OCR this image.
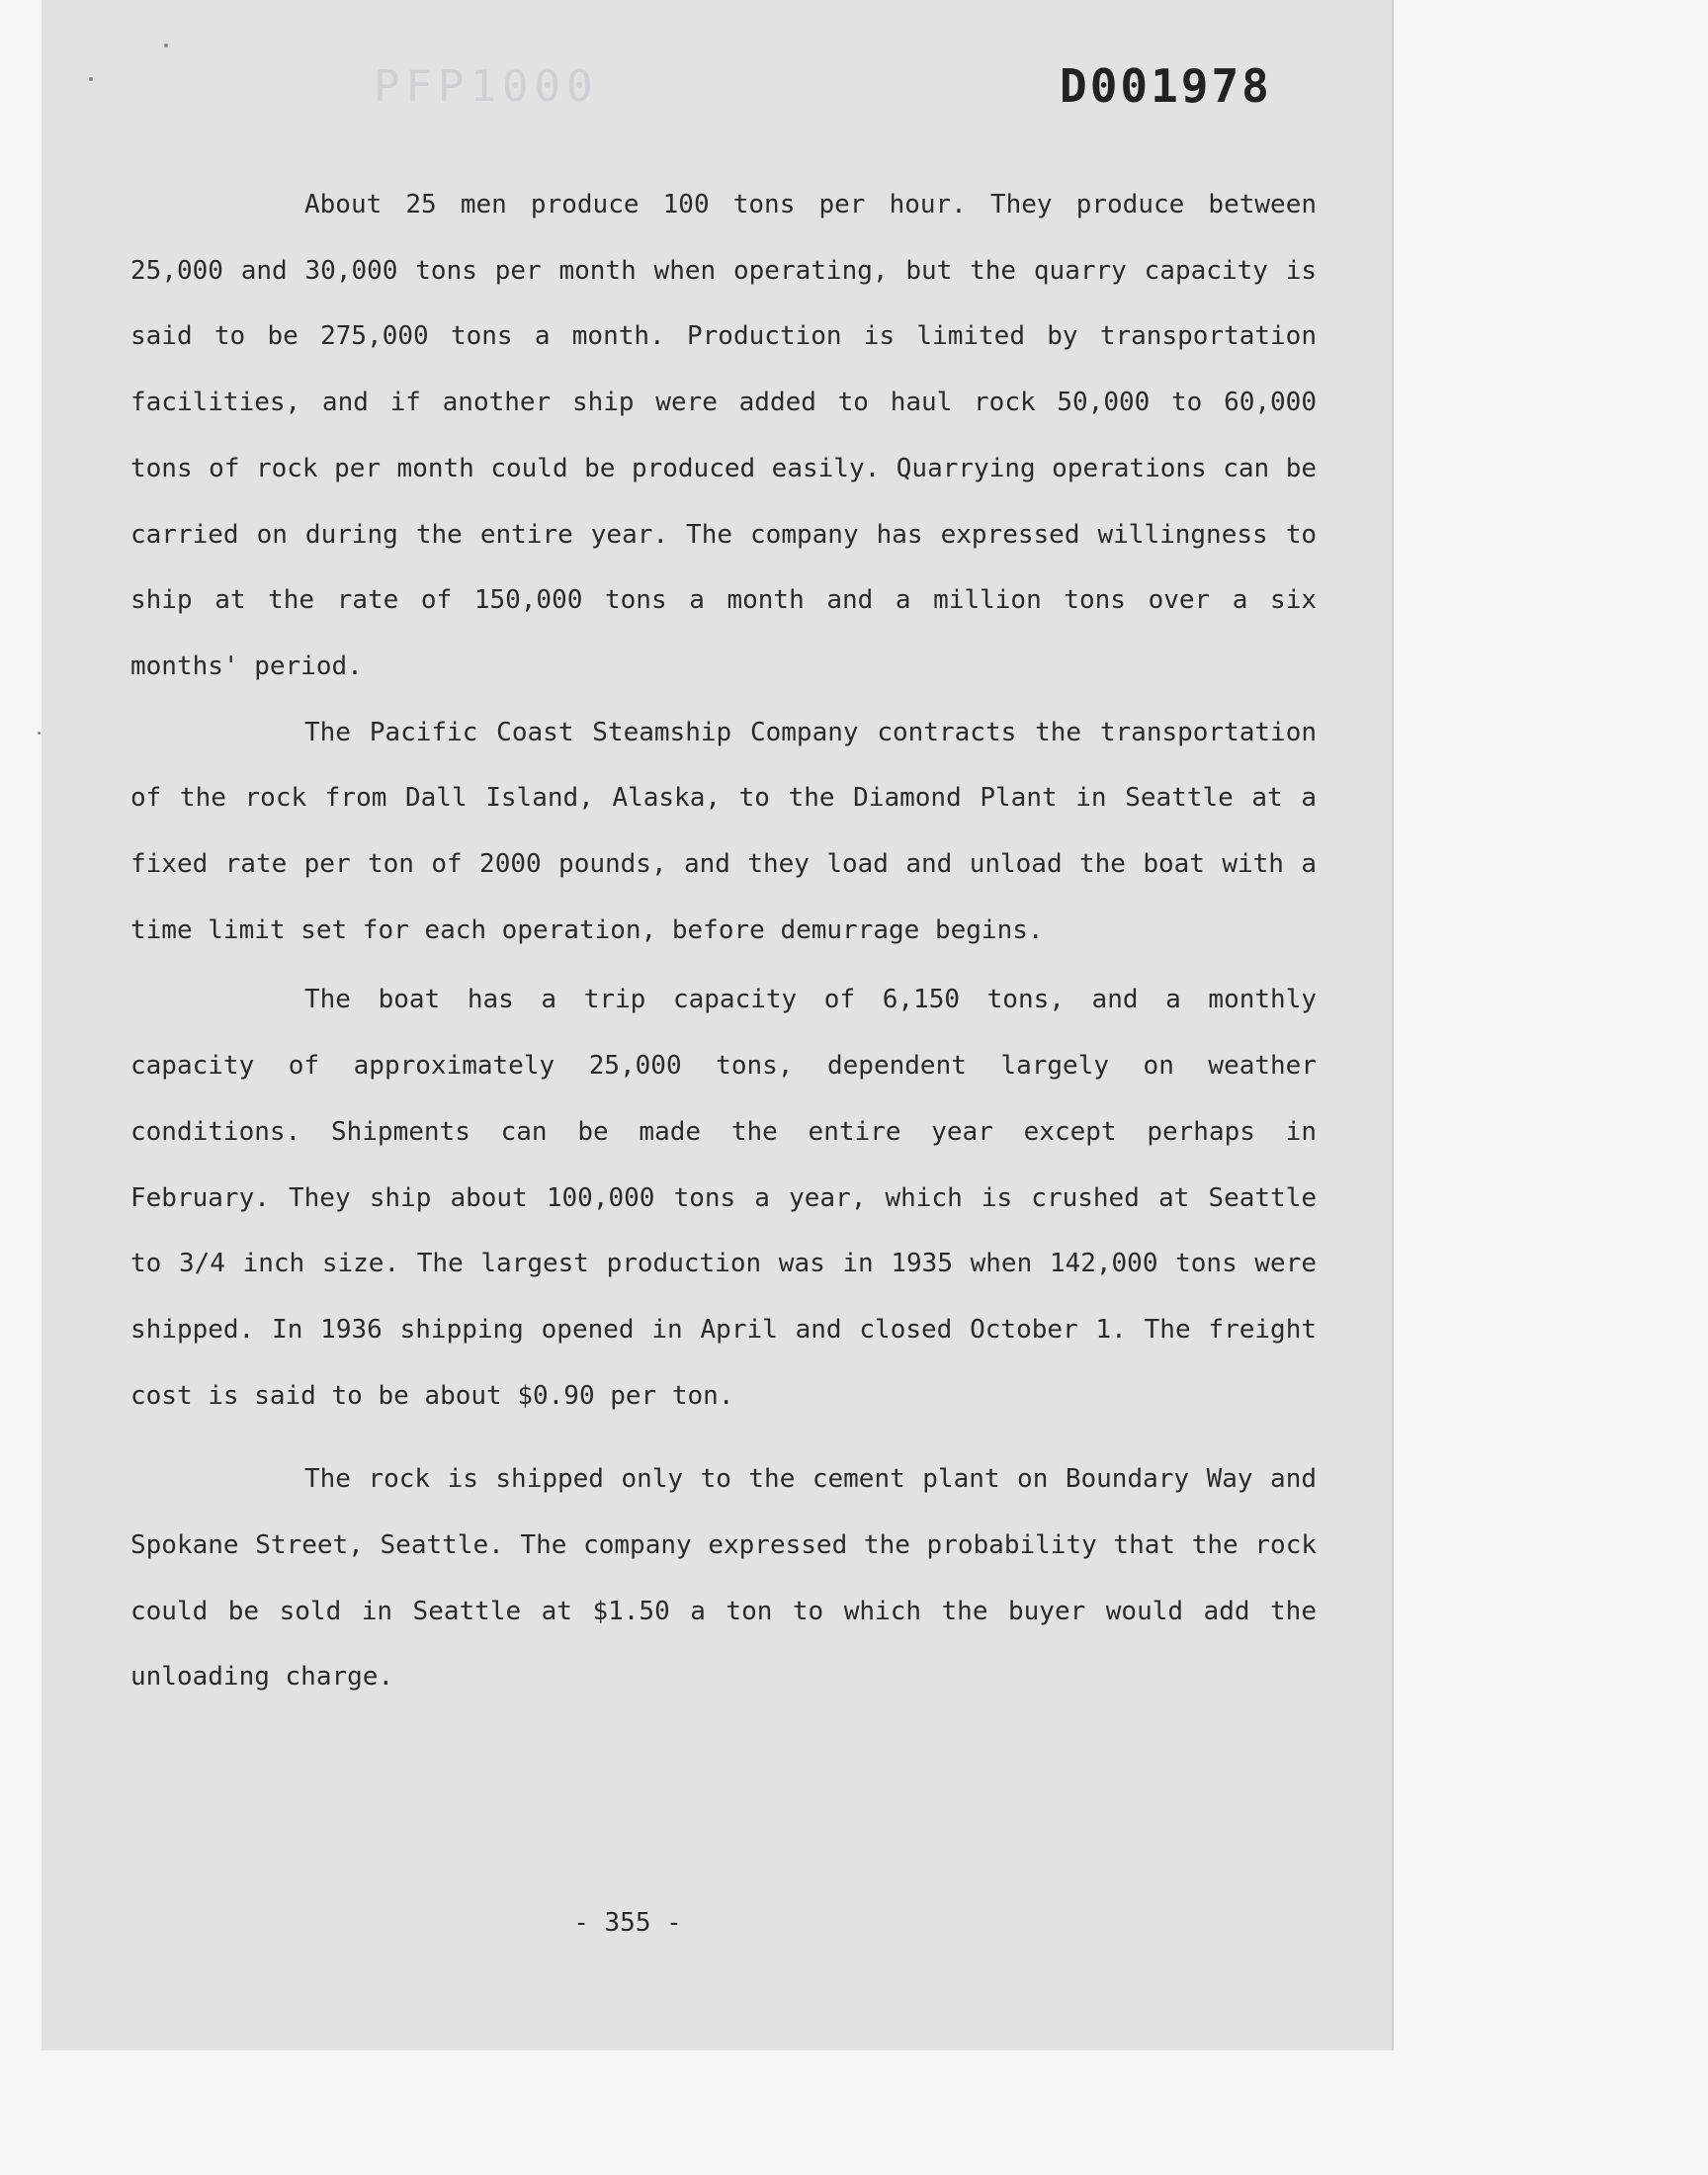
PFP1000	D001978

About 25 men produce 100 tons per hour. They produce between 25,000 and 30,000 tons per month when operating, but the quarry capacity is said to be 275,000 tons a month. Production is limited by transportation facilities, and if another ship were added to haul rock 50,000 to 60,000 tons of rock per month could be produced easily. Quarrying operations can be carried on during the entire year. The company has expressed willingness to ship at the rate of 150,000 tons a month and a million tons over a six months' period.

The Pacific Coast Steamship Company contracts the transportation of the rock from Dall Island, Alaska, to the Diamond Plant in Seattle at a fixed rate per ton of 2000 pounds, and they load and unload the boat with a time limit set for each operation, before demurrage begins.

The boat has a trip capacity of 6,150 tons, and a monthly capacity of approximately 25,000 tons, dependent largely on weather conditions. Shipments can be made the entire year except perhaps in February. They ship about 100,000 tons a year, which is crushed at Seattle to 3/4 inch size. The largest production was in 1935 when 142,000 tons were shipped. In 1936 shipping opened in April and closed October 1. The freight cost is said to be about $0.90 per ton.

The rock is shipped only to the cement plant on Boundary Way and Spokane Street, Seattle. The company expressed the probability that the rock could be sold in Seattle at $1.50 a ton to which the buyer would add the unloading charge.

- 355 -
